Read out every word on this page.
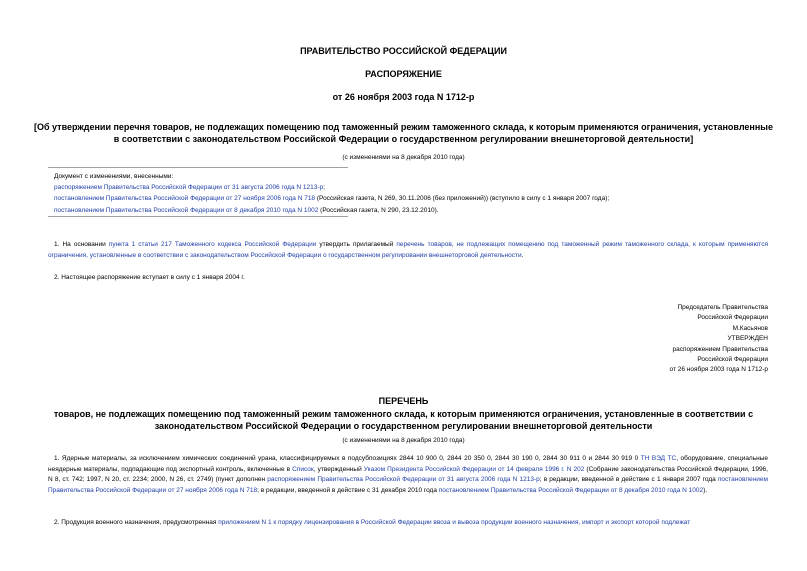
ПРАВИТЕЛЬСТВО РОССИЙСКОЙ ФЕДЕРАЦИИ
РАСПОРЯЖЕНИЕ
от 26 ноября 2003 года N 1712-р
[Об утверждении перечня товаров, не подлежащих помещению под таможенный режим таможенного склада, к которым применяются ограничения, установленные в соответствии с законодательством Российской Федерации о государственном регулировании внешнеторговой деятельности]
(с изменениями на 8 декабря 2010 года)
Документ с изменениями, внесенными:
распоряжением Правительства Российской Федерации от 31 августа 2006 года N 1213-р;
постановлением Правительства Российской Федерации от 27 ноября 2006 года N 718 (Российская газета, N 269, 30.11.2006 (без приложений)) (вступило в силу с 1 января 2007 года);
постановлением Правительства Российской Федерации от 8 декабря 2010 года N 1002 (Российская газета, N 290, 23.12.2010).
1. На основании пункта 1 статьи 217 Таможенного кодекса Российской Федерации утвердить прилагаемый перечень товаров, не подлежащих помещению под таможенный режим таможенного склада, к которым применяются ограничения, установленные в соответствии с законодательством Российской Федерации о государственном регулировании внешнеторговой деятельности.
2. Настоящее распоряжение вступает в силу с 1 января 2004 г.
Председатель Правительства
Российской Федерации
М.Касьянов
УТВЕРЖДЕН
распоряжением Правительства
Российской Федерации
от 26 ноября 2003 года N 1712-р
ПЕРЕЧЕНЬ
товаров, не подлежащих помещению под таможенный режим таможенного склада, к которым применяются ограничения, установленные в соответствии с законодательством Российской Федерации о государственном регулировании внешнеторговой деятельности
(с изменениями на 8 декабря 2010 года)
1. Ядерные материалы, за исключением химических соединений урана, классифицируемых в подсубпозициях 2844 10 900 0, 2844 20 350 0, 2844 30 190 0, 2844 30 911 0 и 2844 30 919 0 ТН ВЭД ТС, оборудование, специальные неядерные материалы, подпадающие под экспортный контроль, включенные в Список, утвержденный Указом Президента Российской Федерации от 14 февраля 1996 г. N 202 (Собрание законодательства Российской Федерации, 1996, N 8, ст. 742; 1997, N 20, ст. 2234; 2000, N 26, ст. 2749) (пункт дополнен распоряжением Правительства Российской Федерации от 31 августа 2006 года N 1213-р; в редакции, введенной в действие с 1 января 2007 года постановлением Правительства Российской Федерации от 27 ноября 2006 года N 718; в редакции, введенной в действие с 31 декабря 2010 года постановлением Правительства Российской Федерации от 8 декабря 2010 года N 1002).
2. Продукция военного назначения, предусмотренная приложением N 1 к порядку лицензирования в Российской Федерации ввоза и вывоза продукции военного назначения, импорт и экспорт которой подлежат
